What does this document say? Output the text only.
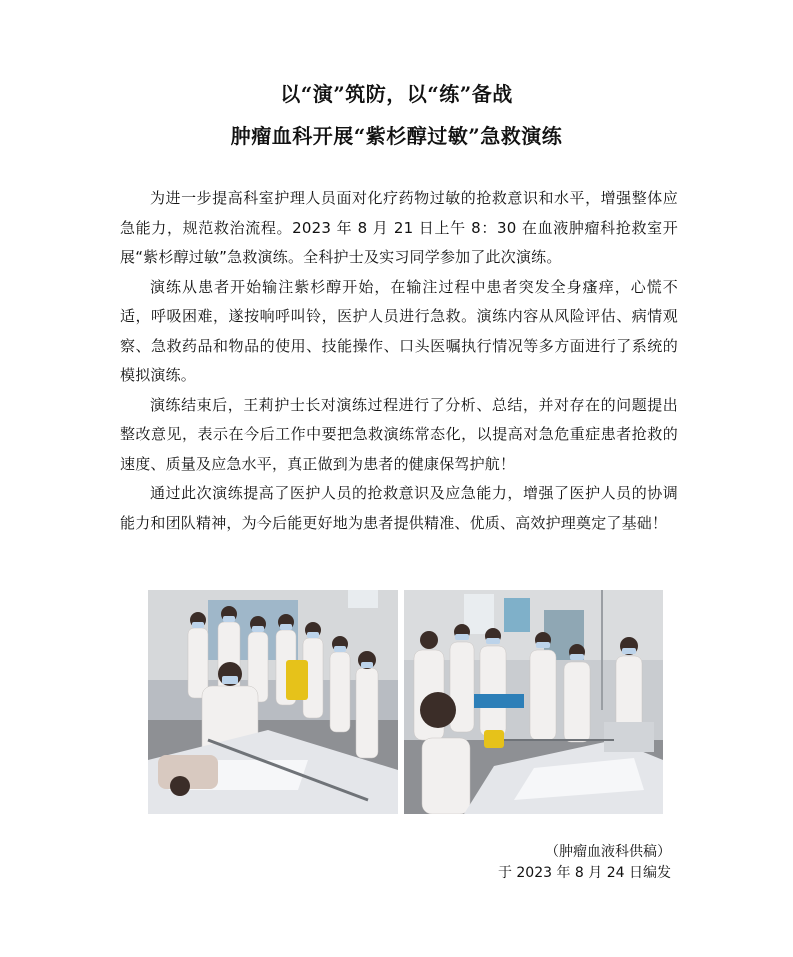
以“演”筑防，以“练”备战
肿瘤血科开展“紫杉醇过敏”急救演练

为进一步提高科室护理人员面对化疗药物过敏的抢救意识和水平，增强整体应急能力，规范救治流程。2023 年 8 月 21 日上午 8：30 在血液肿瘤科抢救室开展“紫杉醇过敏”急救演练。全科护士及实习同学参加了此次演练。

演练从患者开始输注紫杉醇开始，在输注过程中患者突发全身瘙痒，心慌不适，呼吸困难，遂按响呼叫铃，医护人员进行急救。演练内容从风险评估、病情观察、急救药品和物品的使用、技能操作、口头医嘱执行情况等多方面进行了系统的模拟演练。

演练结束后，王莉护士长对演练过程进行了分析、总结，并对存在的问题提出整改意见，表示在今后工作中要把急救演练常态化，以提高对急危重症患者抢救的速度、质量及应急水平，真正做到为患者的健康保驾护航！

通过此次演练提高了医护人员的抢救意识及应急能力，增强了医护人员的协调能力和团队精神，为今后能更好地为患者提供精准、优质、高效护理奠定了基础！

（肿瘤血液科供稿）

于 2023 年 8 月 24 日编发
